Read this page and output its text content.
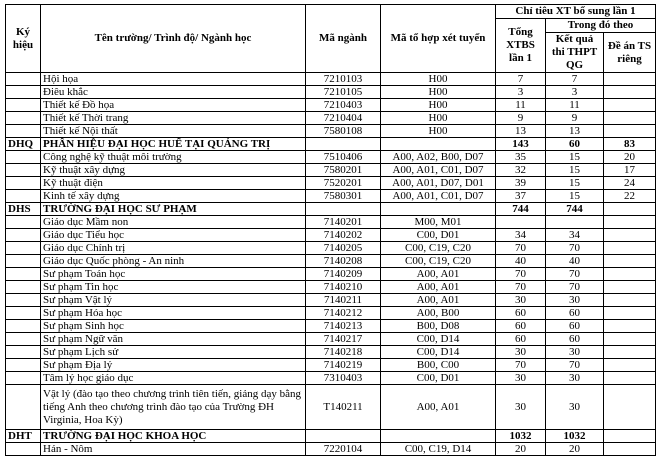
Ký hiệu	Tên trường/ Trình độ/ Ngành học	Mã ngành	Mã tổ hợp xét tuyển	Chỉ tiêu XT bổ sung lần 1		
				Tổng XTBS lần 1	Trong đó theo	
					Kết quả thi THPT QG	Đề án TS riêng
	Hội họa	7210103	H00	7	7	
	Điêu khắc	7210105	H00	3	3	
	Thiết kế Đồ họa	7210403	H00	11	11	
	Thiết kế Thời trang	7210404	H00	9	9	
	Thiết kế Nội thất	7580108	H00	13	13	
DHQ	PHÂN HIỆU ĐẠI HỌC HUẾ TẠI QUẢNG TRỊ			143	60	83
	Công nghệ kỹ thuật môi trường	7510406	A00, A02, B00, D07	35	15	20
	Kỹ thuật xây dựng	7580201	A00, A01, C01, D07	32	15	17
	Kỹ thuật điện	7520201	A00, A01, D07, D01	39	15	24
	Kinh tế xây dựng	7580301	A00, A01, C01, D07	37	15	22
DHS	TRƯỜNG ĐẠI HỌC SƯ PHẠM			744	744	
	Giáo dục Mầm non	7140201	M00, M01			
	Giáo dục Tiểu học	7140202	C00, D01	34	34	
	Giáo dục Chính trị	7140205	C00, C19, C20	70	70	
	Giáo dục Quốc phòng - An ninh	7140208	C00, C19, C20	40	40	
	Sư phạm Toán học	7140209	A00, A01	70	70	
	Sư phạm Tin học	7140210	A00, A01	70	70	
	Sư phạm Vật lý	7140211	A00, A01	30	30	
	Sư phạm Hóa học	7140212	A00, B00	60	60	
	Sư phạm Sinh học	7140213	B00, D08	60	60	
	Sư phạm Ngữ văn	7140217	C00, D14	60	60	
	Sư phạm Lịch sử	7140218	C00, D14	30	30	
	Sư phạm Địa lý	7140219	B00, C00	70	70	
	Tâm lý học giáo dục	7310403	C00, D01	30	30	
	Vật lý (đào tạo theo chương trình tiên tiến, giảng dạy bằng tiếng Anh theo chương trình đào tạo của Trường ĐH Virginia, Hoa Kỳ)	T140211	A00, A01	30	30	
DHT	TRƯỜNG ĐẠI HỌC KHOA HỌC			1032	1032	
	Hán - Nôm	7220104	C00, C19, D14	20	20	
